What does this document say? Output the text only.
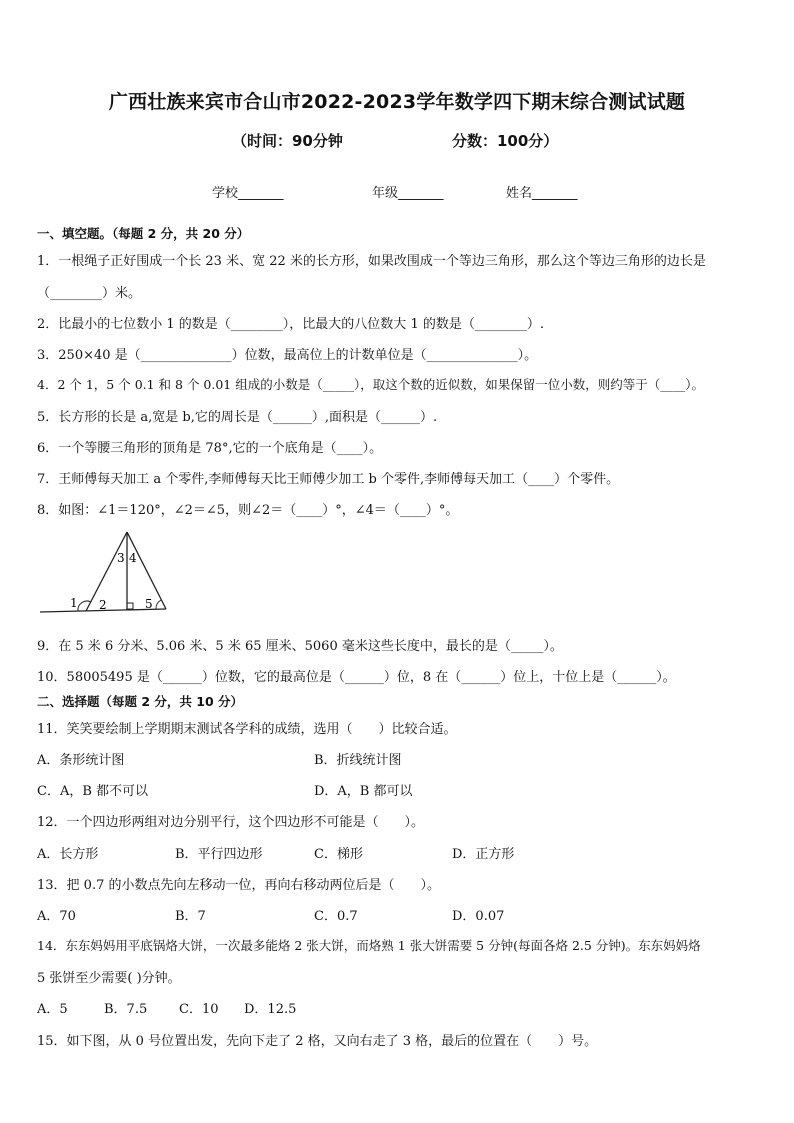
广西壮族来宾市合山市2022-2023学年数学四下期末综合测试试题
（时间：90分钟	分数：100分）
学校_______	年级_______	姓名_______
一、填空题。（每题 2 分，共 20 分）
1．一根绳子正好围成一个长 23 米、宽 22 米的长方形，如果改围成一个等边三角形，那么这个等边三角形的边长是
（________）米。
2．比最小的七位数小 1 的数是（________），比最大的八位数大 1 的数是（________）.
3．250×40 是（______________）位数，最高位上的计数单位是（______________）。
4．2 个 1，5 个 0.1 和 8 个 0.01 组成的小数是（_____），取这个数的近似数，如果保留一位小数，则约等于（____）。
5．长方形的长是 a,宽是 b,它的周长是（______）,面积是（______）.
6．一个等腰三角形的顶角是 78°,它的一个底角是（____）。
7．王师傅每天加工 a 个零件,李师傅每天比王师傅少加工 b 个零件,李师傅每天加工（____）个零件。
8．如图：∠1＝120°，∠2＝∠5，则∠2＝（____）°，∠4＝（____）°。
1 2
3 4
5
9．在 5 米 6 分米、5.06 米、5 米 65 厘米、5060 毫米这些长度中，最长的是（_____）。
10．58005495 是（______）位数，它的最高位是（______）位，8 在（______）位上，十位上是（______）。
二、选择题（每题 2 分，共 10 分）
11．笑笑要绘制上学期期末测试各学科的成绩，选用（　　）比较合适。
A．条形统计图	B．折线统计图
C．A，B 都不可以	D．A，B 都可以
12．一个四边形两组对边分别平行，这个四边形不可能是（　　）。
A．长方形	B．平行四边形	C．梯形	D．正方形
13．把 0.7 的小数点先向左移动一位，再向右移动两位后是（　　）。
A．70	B．7	C．0.7	D．0.07
14．东东妈妈用平底锅烙大饼，一次最多能烙 2 张大饼，而烙熟 1 张大饼需要 5 分钟(每面各烙 2.5 分钟)。东东妈妈烙
5 张饼至少需要( )分钟。
A．5	B．7.5 C．10 D．12.5
15．如下图，从 0 号位置出发，先向下走了 2 格，又向右走了 3 格，最后的位置在（　　）号。
